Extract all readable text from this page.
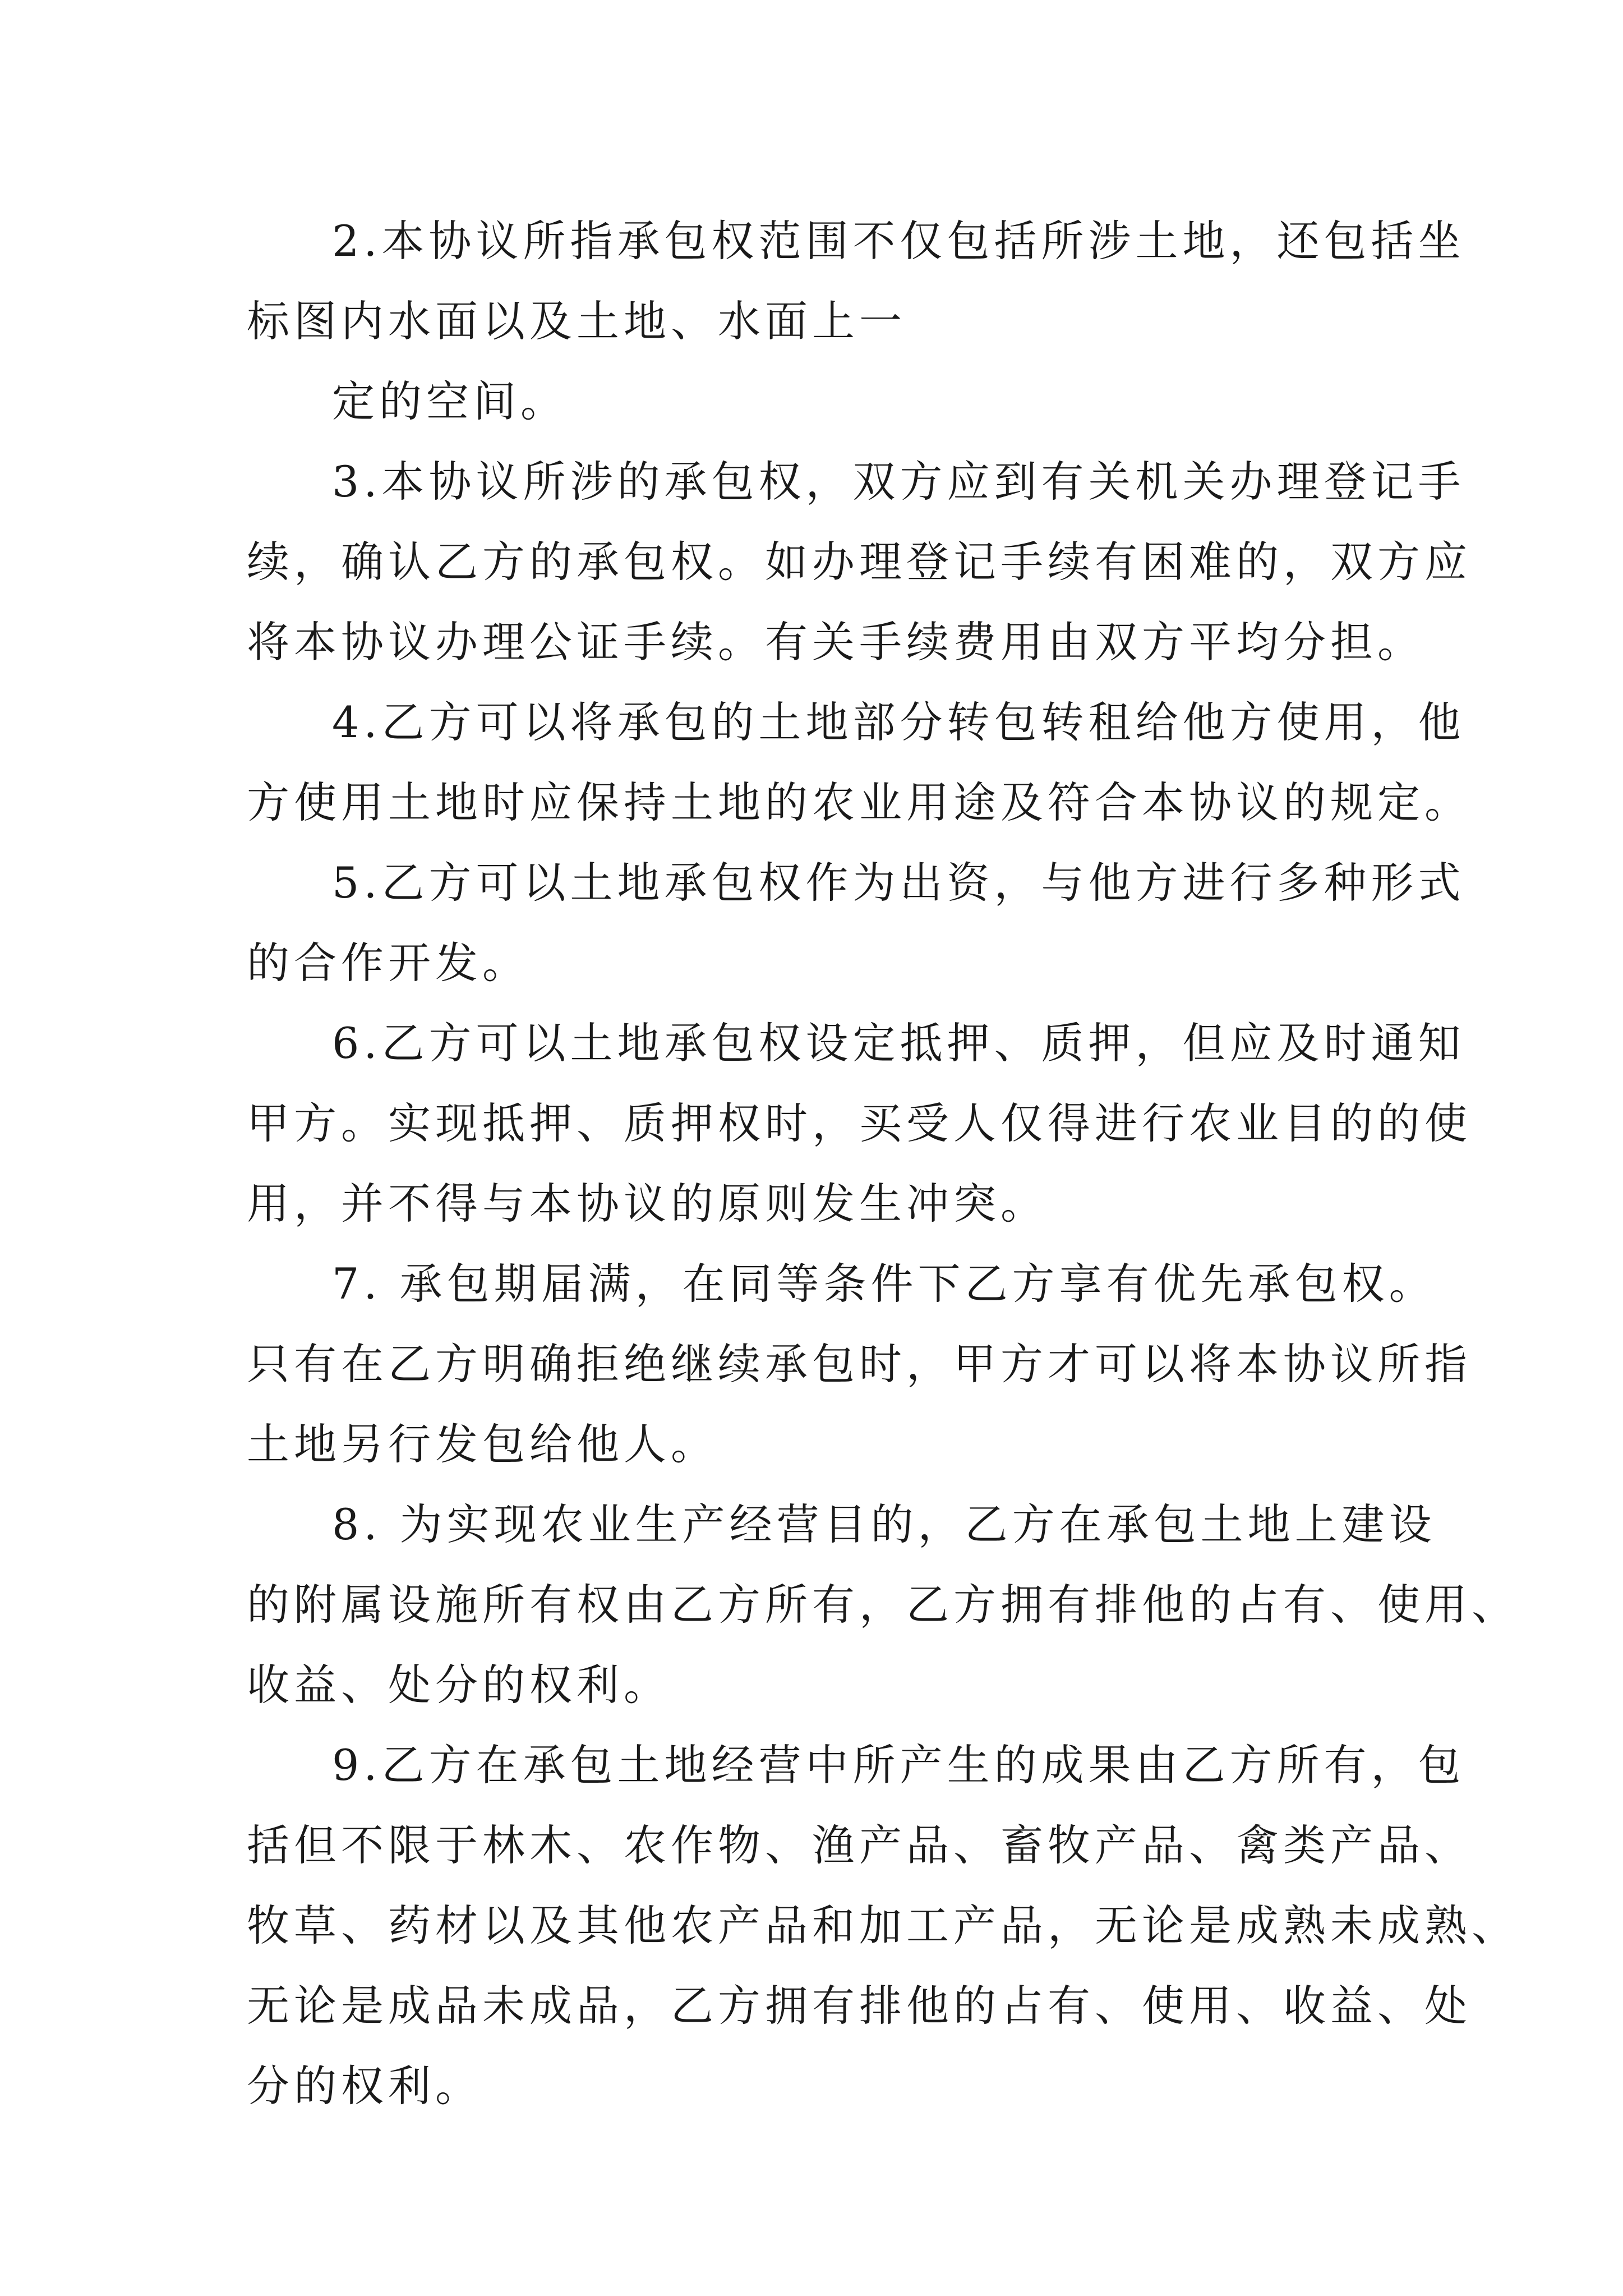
2.本协议所指承包权范围不仅包括所涉土地，还包括坐
标图内水面以及土地、水面上一
定的空间。
3.本协议所涉的承包权，双方应到有关机关办理登记手
续，确认乙方的承包权。如办理登记手续有困难的，双方应
将本协议办理公证手续。有关手续费用由双方平均分担。
4.乙方可以将承包的土地部分转包转租给他方使用，他
方使用土地时应保持土地的农业用途及符合本协议的规定。
5.乙方可以土地承包权作为出资，与他方进行多种形式
的合作开发。
6.乙方可以土地承包权设定抵押、质押，但应及时通知
甲方。实现抵押、质押权时，买受人仅得进行农业目的的使
用，并不得与本协议的原则发生冲突。
7. 承包期届满，在同等条件下乙方享有优先承包权。
只有在乙方明确拒绝继续承包时，甲方才可以将本协议所指
土地另行发包给他人。
8. 为实现农业生产经营目的，乙方在承包土地上建设
的附属设施所有权由乙方所有，乙方拥有排他的占有、使用、
收益、处分的权利。
9.乙方在承包土地经营中所产生的成果由乙方所有，包
括但不限于林木、农作物、渔产品、畜牧产品、禽类产品、
牧草、药材以及其他农产品和加工产品，无论是成熟未成熟、
无论是成品未成品，乙方拥有排他的占有、使用、收益、处
分的权利。
